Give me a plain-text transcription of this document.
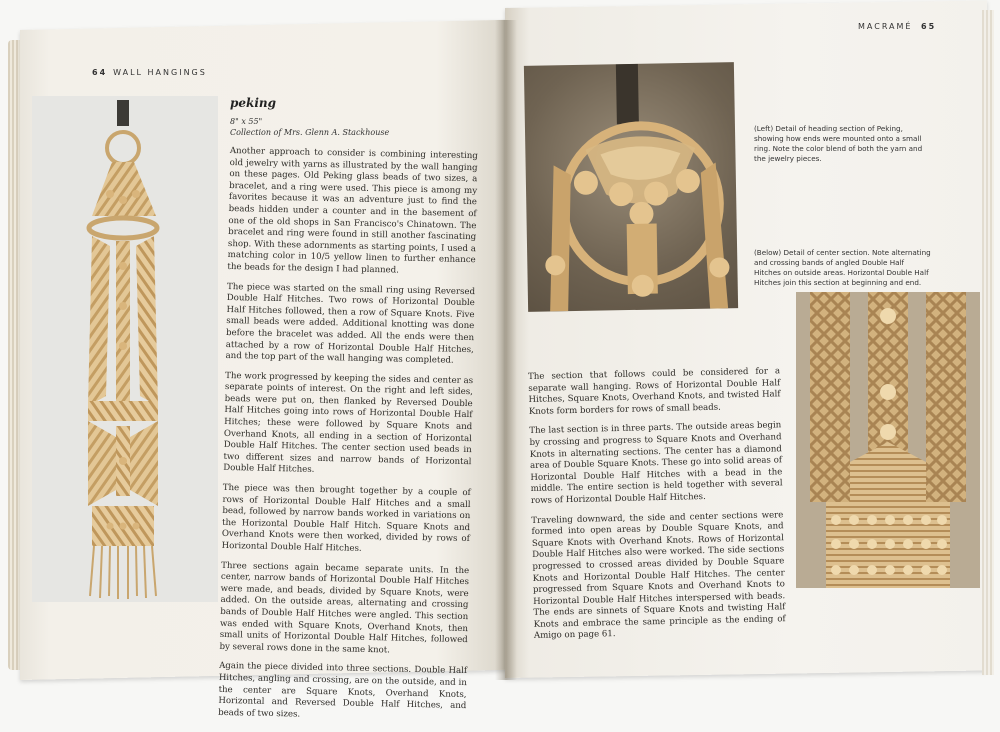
64 WALL HANGINGS
peking
8" x 55"
Collection of Mrs. Glenn A. Stackhouse

Another approach to consider is combining interesting old jewelry with yarns as illustrated by the wall hanging on these pages. Old Peking glass beads of two sizes, a bracelet, and a ring were used. This piece is among my favorites because it was an adventure just to find the beads hidden under a counter and in the basement of one of the old shops in San Francisco's Chinatown. The bracelet and ring were found in still another fascinating shop. With these adornments as starting points, I used a matching color in 10/5 yellow linen to further enhance the beads for the design I had planned.

The piece was started on the small ring using Reversed Double Half Hitches. Two rows of Horizontal Double Half Hitches followed, then a row of Square Knots. Five small beads were added. Additional knotting was done before the bracelet was added. All the ends were then attached by a row of Horizontal Double Half Hitches, and the top part of the wall hanging was completed.

The work progressed by keeping the sides and center as separate points of interest. On the right and left sides, beads were put on, then flanked by Reversed Double Half Hitches going into rows of Horizontal Double Half Hitches; these were followed by Square Knots and Overhand Knots, all ending in a section of Horizontal Double Half Hitches. The center section used beads in two different sizes and narrow bands of Horizontal Double Half Hitches.

The piece was then brought together by a couple of rows of Horizontal Double Half Hitches and a small bead, followed by narrow bands worked in variations on the Horizontal Double Half Hitch. Square Knots and Overhand Knots were then worked, divided by rows of Horizontal Double Half Hitches.

Three sections again became separate units. In the center, narrow bands of Horizontal Double Half Hitches were made, and beads, divided by Square Knots, were added. On the outside areas, alternating and crossing bands of Double Half Hitches were angled. This section was ended with Square Knots, Overhand Knots, then small units of Horizontal Double Half Hitches, followed by several rows done in the same knot.

Again the piece divided into three sections. Double Half Hitches, angling and crossing, are on the outside, and in the center are Square Knots, Overhand Knots, Horizontal and Reversed Double Half Hitches, and beads of two sizes.

MACRAMÉ 65
(Left) Detail of heading section of Peking, showing how ends were mounted onto a small ring. Note the color blend of both the yarn and the jewelry pieces.
(Below) Detail of center section. Note alternating and crossing bands of angled Double Half Hitches on outside areas. Horizontal Double Half Hitches join this section at beginning and end.

The section that follows could be considered for a separate wall hanging. Rows of Horizontal Double Half Hitches, Square Knots, Overhand Knots, and twisted Half Knots form borders for rows of small beads.

The last section is in three parts. The outside areas begin by crossing and progress to Square Knots and Overhand Knots in alternating sections. The center has a diamond area of Double Square Knots. These go into solid areas of Horizontal Double Half Hitches with a bead in the middle. The entire section is held together with several rows of Horizontal Double Half Hitches.

Traveling downward, the side and center sections were formed into open areas by Double Square Knots, and Square Knots with Overhand Knots. Rows of Horizontal Double Half Hitches also were worked. The side sections progressed to crossed areas divided by Double Square Knots and Horizontal Double Half Hitches. The center progressed from Square Knots and Overhand Knots to Horizontal Double Half Hitches interspersed with beads. The ends are sinnets of Square Knots and twisting Half Knots and embrace the same principle as the ending of Amigo on page 61.
